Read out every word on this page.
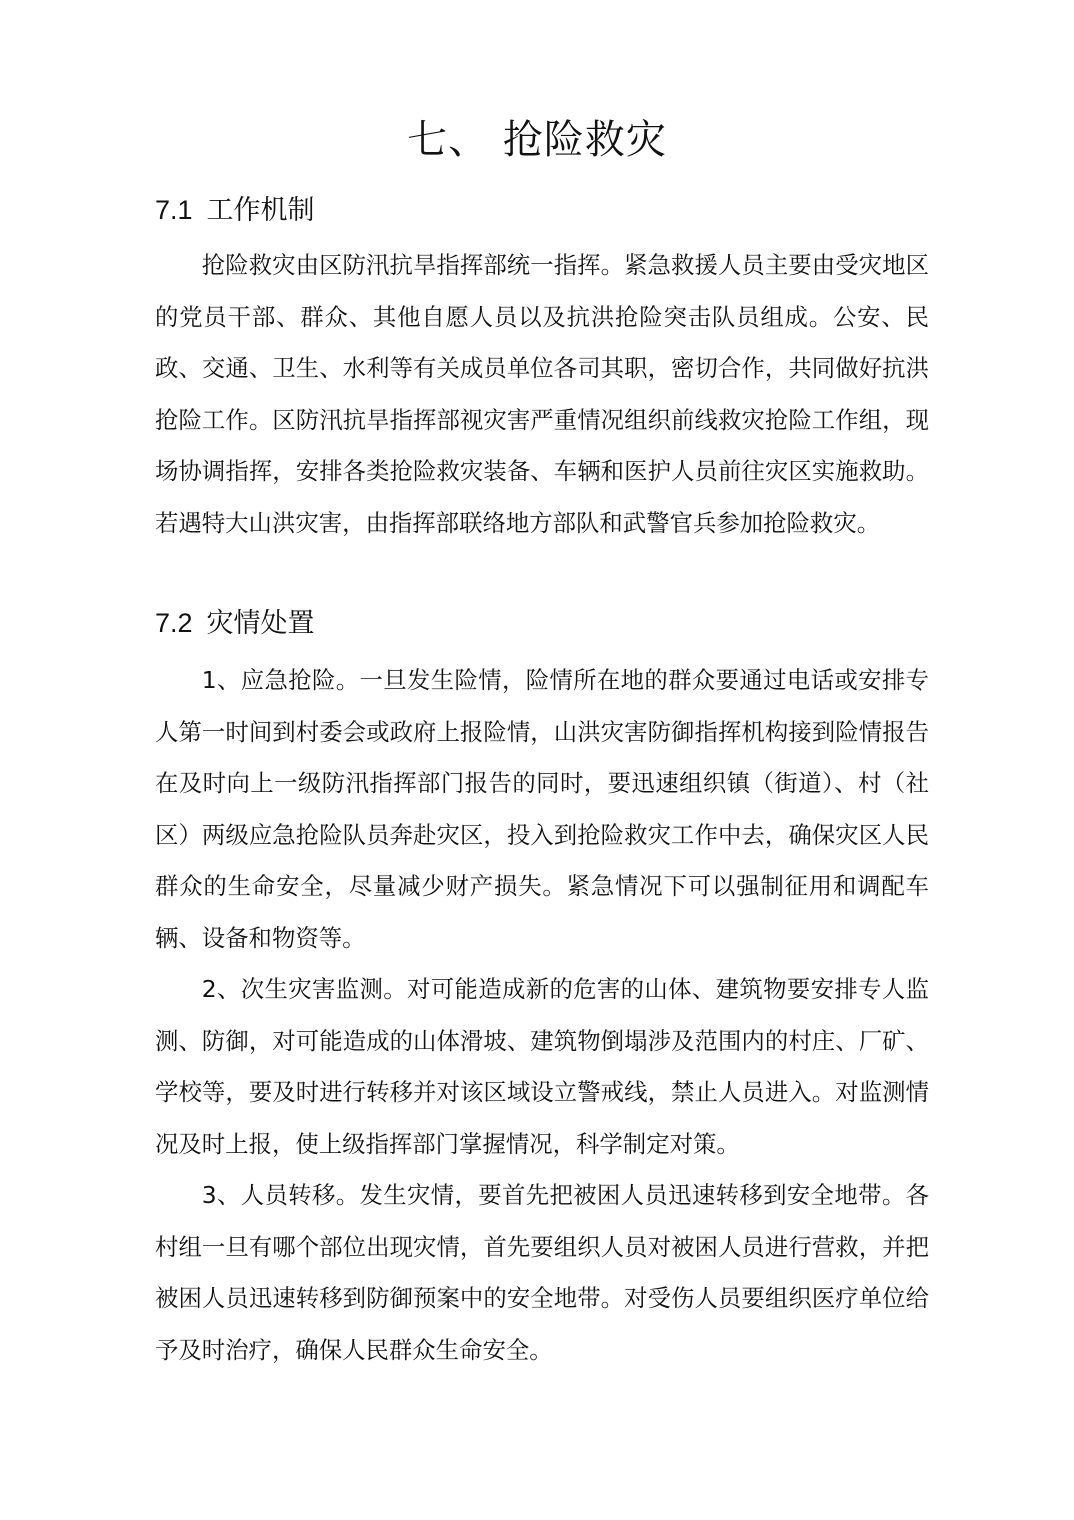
七、 抢险救灾
7.1 工作机制

抢险救灾由区防汛抗旱指挥部统一指挥。紧急救援人员主要由受灾地区的党员干部、群众、其他自愿人员以及抗洪抢险突击队员组成。公安、民政、交通、卫生、水利等有关成员单位各司其职，密切合作，共同做好抗洪抢险工作。区防汛抗旱指挥部视灾害严重情况组织前线救灾抢险工作组，现场协调指挥，安排各类抢险救灾装备、车辆和医护人员前往灾区实施救助。若遇特大山洪灾害，由指挥部联络地方部队和武警官兵参加抢险救灾。

7.2 灾情处置

1、应急抢险。一旦发生险情，险情所在地的群众要通过电话或安排专人第一时间到村委会或政府上报险情，山洪灾害防御指挥机构接到险情报告在及时向上一级防汛指挥部门报告的同时，要迅速组织镇（街道）、村（社区）两级应急抢险队员奔赴灾区，投入到抢险救灾工作中去，确保灾区人民群众的生命安全，尽量减少财产损失。紧急情况下可以强制征用和调配车辆、设备和物资等。

2、次生灾害监测。对可能造成新的危害的山体、建筑物要安排专人监测、防御，对可能造成的山体滑坡、建筑物倒塌涉及范围内的村庄、厂矿、学校等，要及时进行转移并对该区域设立警戒线，禁止人员进入。对监测情况及时上报，使上级指挥部门掌握情况，科学制定对策。

3、人员转移。发生灾情，要首先把被困人员迅速转移到安全地带。各村组一旦有哪个部位出现灾情，首先要组织人员对被困人员进行营救，并把被困人员迅速转移到防御预案中的安全地带。对受伤人员要组织医疗单位给予及时治疗，确保人民群众生命安全。
